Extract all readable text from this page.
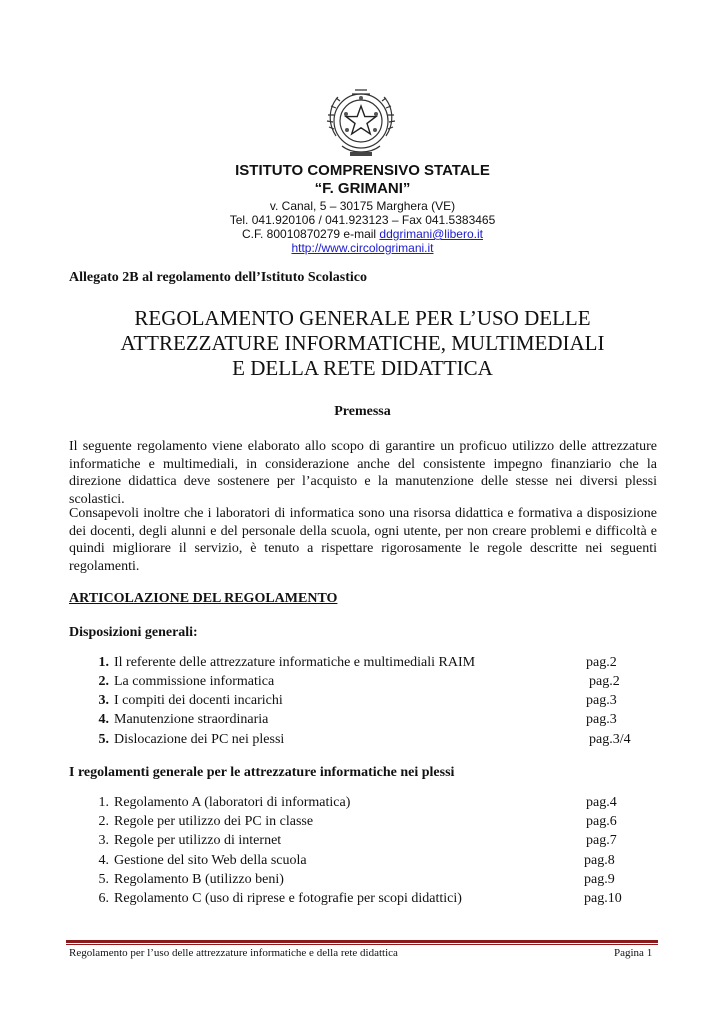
ISTITUTO COMPRENSIVO STATALE
“F. GRIMANI”
v. Canal, 5 – 30175 Marghera (VE)
Tel. 041.920106 / 041.923123 – Fax 041.5383465
C.F. 80010870279 e-mail ddgrimani@libero.it
http://www.circologrimani.it
Allegato 2B al regolamento dell’Istituto Scolastico
REGOLAMENTO GENERALE PER L’USO DELLE
ATTREZZATURE INFORMATICHE, MULTIMEDIALI
E DELLA RETE DIDATTICA
Premessa
Il seguente regolamento viene elaborato allo scopo di garantire un proficuo utilizzo delle attrezzature informatiche e multimediali, in considerazione anche del consistente impegno finanziario che la direzione didattica deve sostenere per l’acquisto e la manutenzione delle stesse nei diversi plessi scolastici.
Consapevoli inoltre che i laboratori di informatica sono una risorsa didattica e formativa a disposizione dei docenti, degli alunni e del personale della scuola, ogni utente, per non creare problemi e difficoltà e quindi migliorare il servizio, è tenuto a rispettare rigorosamente le regole descritte nei seguenti regolamenti.
ARTICOLAZIONE DEL REGOLAMENTO
Disposizioni generali:
1. Il referente delle attrezzature informatiche e multimediali RAIM	pag.2
2. La commissione informatica	pag.2
3. I compiti dei docenti incarichi	pag.3
4. Manutenzione straordinaria	pag.3
5. Dislocazione dei PC nei plessi	pag.3/4
I regolamenti generale per le attrezzature informatiche nei plessi
1. Regolamento A (laboratori di informatica)	pag.4
2. Regole per utilizzo dei PC in classe	pag.6
3. Regole per utilizzo di internet	pag.7
4. Gestione del sito Web della scuola	pag.8
5. Regolamento B (utilizzo beni)	pag.9
6. Regolamento C (uso di riprese e fotografie per scopi didattici)	pag.10
Regolamento per l’uso delle attrezzature informatiche e della rete didattica	Pagina 1
